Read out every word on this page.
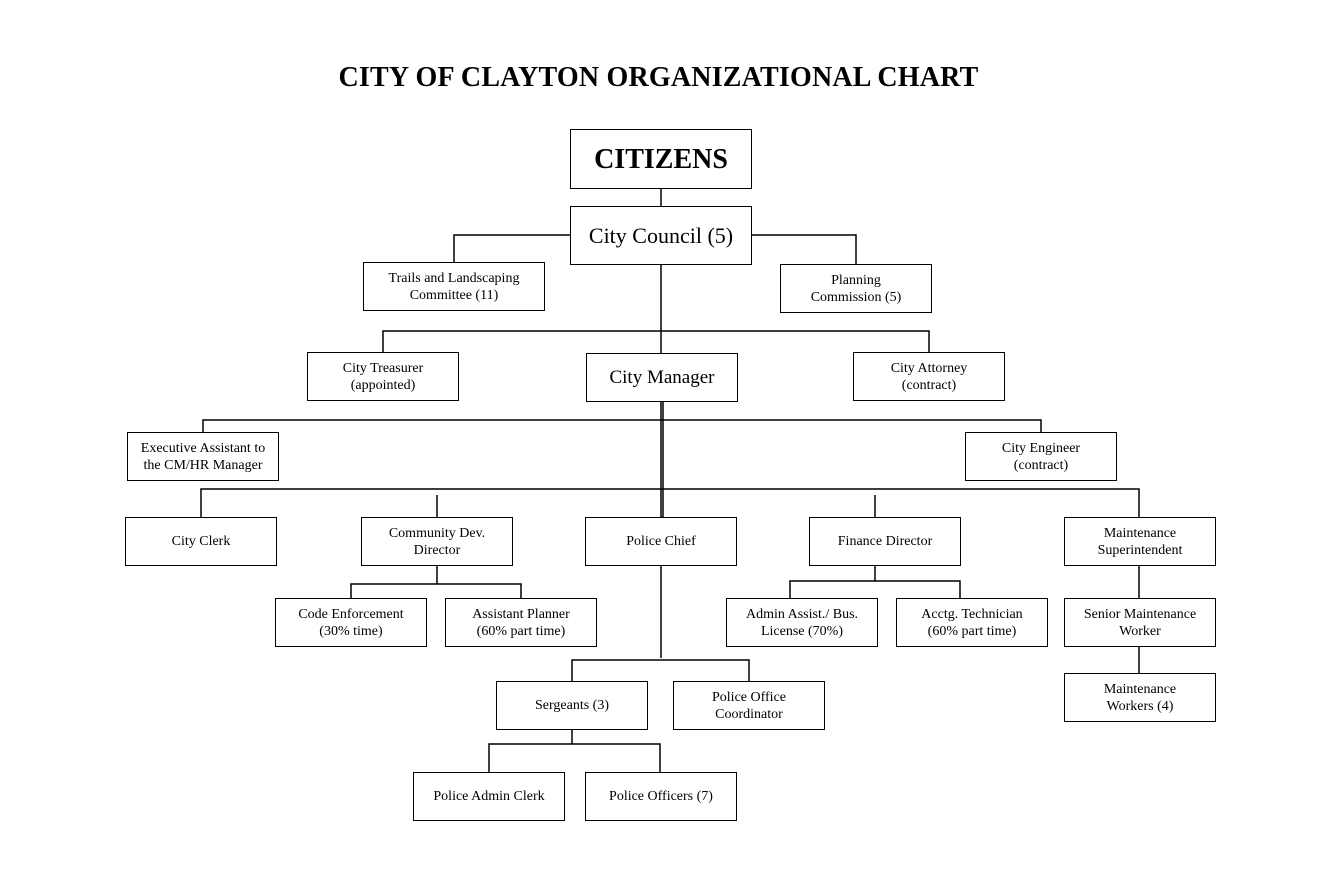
CITY OF CLAYTON ORGANIZATIONAL CHART
CITIZENS
City Council (5)
Trails and Landscaping
Committee (11)
Planning
Commission (5)
City Treasurer
(appointed)	City Manager	City Attorney
(contract)
Executive Assistant to
the CM/HR Manager
City Engineer
(contract)
City Clerk
Community Dev.
Director
Police Chief	Finance Director
Maintenance
Superintendent
Code Enforcement
(30% time)
Assistant Planner
(60% part time)
Admin Assist./ Bus.
License (70%)
Acctg. Technician
(60% part time)
Senior Maintenance
Worker
Sergeants (3)
Police Office
Coordinator
Maintenance
Workers (4)
Police Admin Clerk	Police Officers (7)
